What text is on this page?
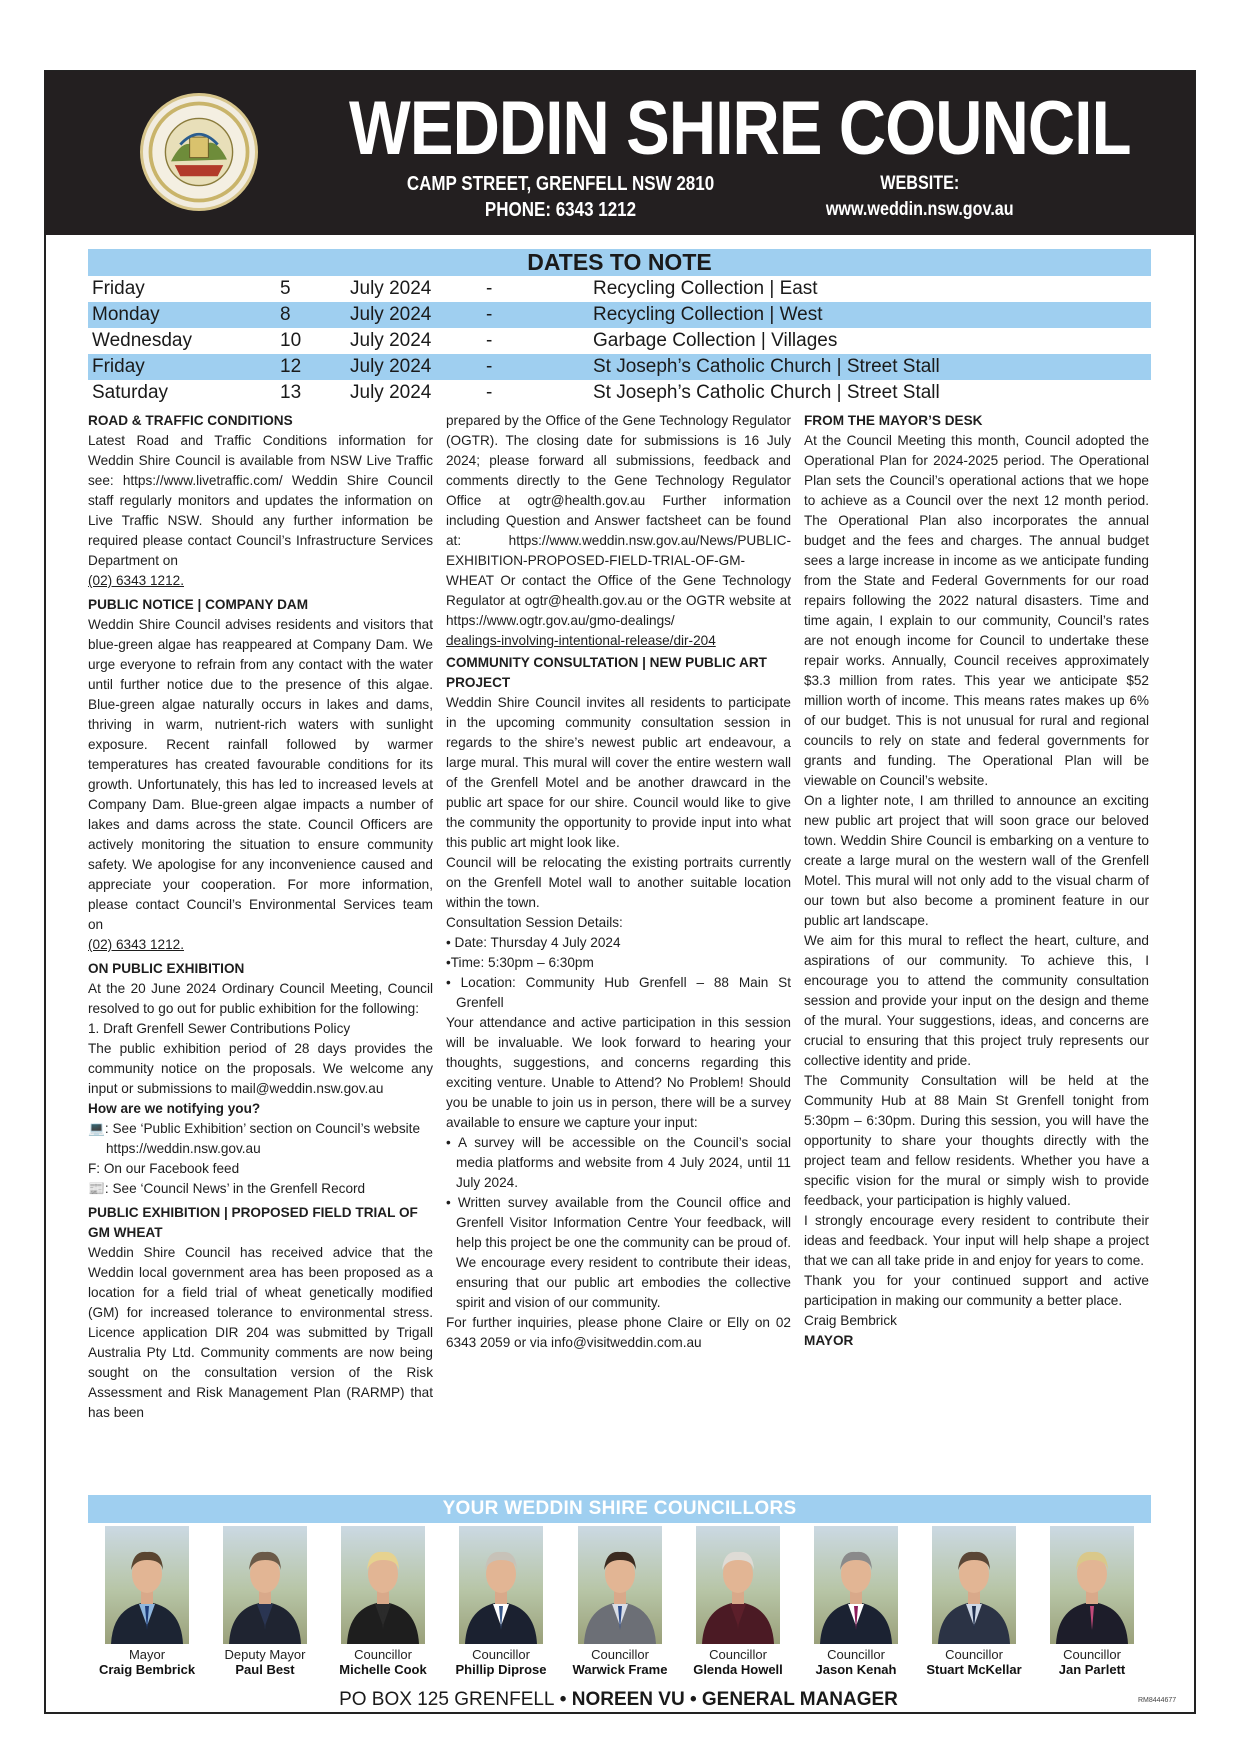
WEDDIN SHIRE COUNCIL
CAMP STREET, GRENFELL NSW 2810
PHONE: 6343 1212
WEBSITE:
www.weddin.nsw.gov.au
DATES TO NOTE
Friday	5	July 2024	-	Recycling Collection | East
Monday	8	July 2024	-	Recycling Collection | West
Wednesday	10	July 2024	-	Garbage Collection | Villages
Friday	12	July 2024	-	St Joseph’s Catholic Church | Street Stall
Saturday	13	July 2024	-	St Joseph’s Catholic Church | Street Stall
ROAD & TRAFFIC CONDITIONS

Latest Road and Traffic Conditions information for Weddin Shire Council is available from NSW Live Traffic see: https://www.livetraffic.com/ Weddin Shire Council staff regularly monitors and updates the information on Live Traffic NSW. Should any further information be required please contact Council’s Infrastructure Services Department on

(02) 6343 1212.

PUBLIC NOTICE | COMPANY DAM

Weddin Shire Council advises residents and visitors that blue-green algae has reappeared at Company Dam. We urge everyone to refrain from any contact with the water until further notice due to the presence of this algae. Blue-green algae naturally occurs in lakes and dams, thriving in warm, nutrient-rich waters with sunlight exposure. Recent rainfall followed by warmer temperatures has created favourable conditions for its growth. Unfortunately, this has led to increased levels at Company Dam. Blue-green algae impacts a number of lakes and dams across the state. Council Officers are actively monitoring the situation to ensure community safety. We apologise for any inconvenience caused and appreciate your cooperation. For more information, please contact Council’s Environmental Services team on

(02) 6343 1212.

ON PUBLIC EXHIBITION

At the 20 June 2024 Ordinary Council Meeting, Council resolved to go out for public exhibition for the following:

1. Draft Grenfell Sewer Contributions Policy

The public exhibition period of 28 days provides the community notice on the proposals. We welcome any input or submissions to mail@weddin.nsw.gov.au

How are we notifying you?

💻: See ‘Public Exhibition’ section on Council’s website https://weddin.nsw.gov.au

F: On our Facebook feed

📰: See ‘Council News’ in the Grenfell Record

PUBLIC EXHIBITION | PROPOSED FIELD TRIAL OF GM WHEAT

Weddin Shire Council has received advice that the Weddin local government area has been proposed as a location for a field trial of wheat genetically modified (GM) for increased tolerance to environmental stress. Licence application DIR 204 was submitted by Trigall Australia Pty Ltd. Community comments are now being sought on the consultation version of the Risk Assessment and Risk Management Plan (RARMP) that has been

prepared by the Office of the Gene Technology Regulator (OGTR). The closing date for submissions is 16 July 2024; please forward all submissions, feedback and comments directly to the Gene Technology Regulator Office at ogtr@health.gov.au Further information including Question and Answer factsheet can be found at: https://www.weddin.nsw.gov.au/News/PUBLIC-EXHIBITION-PROPOSED-FIELD-TRIAL-OF-GM-WHEAT Or contact the Office of the Gene Technology Regulator at ogtr@health.gov.au or the OGTR website at https://www.ogtr.gov.au/gmo-dealings/

dealings-involving-intentional-release/dir-204

COMMUNITY CONSULTATION | NEW PUBLIC ART PROJECT

Weddin Shire Council invites all residents to participate in the upcoming community consultation session in regards to the shire’s newest public art endeavour, a large mural. This mural will cover the entire western wall of the Grenfell Motel and be another drawcard in the public art space for our shire. Council would like to give the community the opportunity to provide input into what this public art might look like.

Council will be relocating the existing portraits currently on the Grenfell Motel wall to another suitable location within the town.

Consultation Session Details:

• Date: Thursday 4 July 2024

•Time: 5:30pm – 6:30pm

• Location: Community Hub Grenfell – 88 Main St Grenfell

Your attendance and active participation in this session will be invaluable. We look forward to hearing your thoughts, suggestions, and concerns regarding this exciting venture. Unable to Attend? No Problem! Should you be unable to join us in person, there will be a survey available to ensure we capture your input:

• A survey will be accessible on the Council’s social media platforms and website from 4 July 2024, until 11 July 2024.

• Written survey available from the Council office and Grenfell Visitor Information Centre Your feedback, will help this project be one the community can be proud of. We encourage every resident to contribute their ideas, ensuring that our public art embodies the collective spirit and vision of our community.

For further inquiries, please phone Claire or Elly on 02 6343 2059 or via info@visitweddin.com.au

FROM THE MAYOR’S DESK

At the Council Meeting this month, Council adopted the Operational Plan for 2024-2025 period. The Operational Plan sets the Council’s operational actions that we hope to achieve as a Council over the next 12 month period. The Operational Plan also incorporates the annual budget and the fees and charges. The annual budget sees a large increase in income as we anticipate funding from the State and Federal Governments for our road repairs following the 2022 natural disasters. Time and time again, I explain to our community, Council’s rates are not enough income for Council to undertake these repair works. Annually, Council receives approximately $3.3 million from rates. This year we anticipate $52 million worth of income. This means rates makes up 6% of our budget. This is not unusual for rural and regional councils to rely on state and federal governments for grants and funding. The Operational Plan will be viewable on Council’s website.

On a lighter note, I am thrilled to announce an exciting new public art project that will soon grace our beloved town. Weddin Shire Council is embarking on a venture to create a large mural on the western wall of the Grenfell Motel. This mural will not only add to the visual charm of our town but also become a prominent feature in our public art landscape.

We aim for this mural to reflect the heart, culture, and aspirations of our community. To achieve this, I encourage you to attend the community consultation session and provide your input on the design and theme of the mural. Your suggestions, ideas, and concerns are crucial to ensuring that this project truly represents our collective identity and pride.

The Community Consultation will be held at the Community Hub at 88 Main St Grenfell tonight from 5:30pm – 6:30pm. During this session, you will have the opportunity to share your thoughts directly with the project team and fellow residents. Whether you have a specific vision for the mural or simply wish to provide feedback, your participation is highly valued.

I strongly encourage every resident to contribute their ideas and feedback. Your input will help shape a project that we can all take pride in and enjoy for years to come.

Thank you for your continued support and active participation in making our community a better place.

Craig Bembrick

MAYOR
YOUR WEDDIN SHIRE COUNCILLORS
Mayor
Craig Bembrick
Deputy Mayor
Paul Best
Councillor
Michelle Cook
Councillor
Phillip Diprose
Councillor
Warwick Frame
Councillor
Glenda Howell
Councillor
Jason Kenah
Councillor
Stuart McKellar
Councillor
Jan Parlett
PO BOX 125 GRENFELL • NOREEN VU • GENERAL MANAGER	RM8444677
